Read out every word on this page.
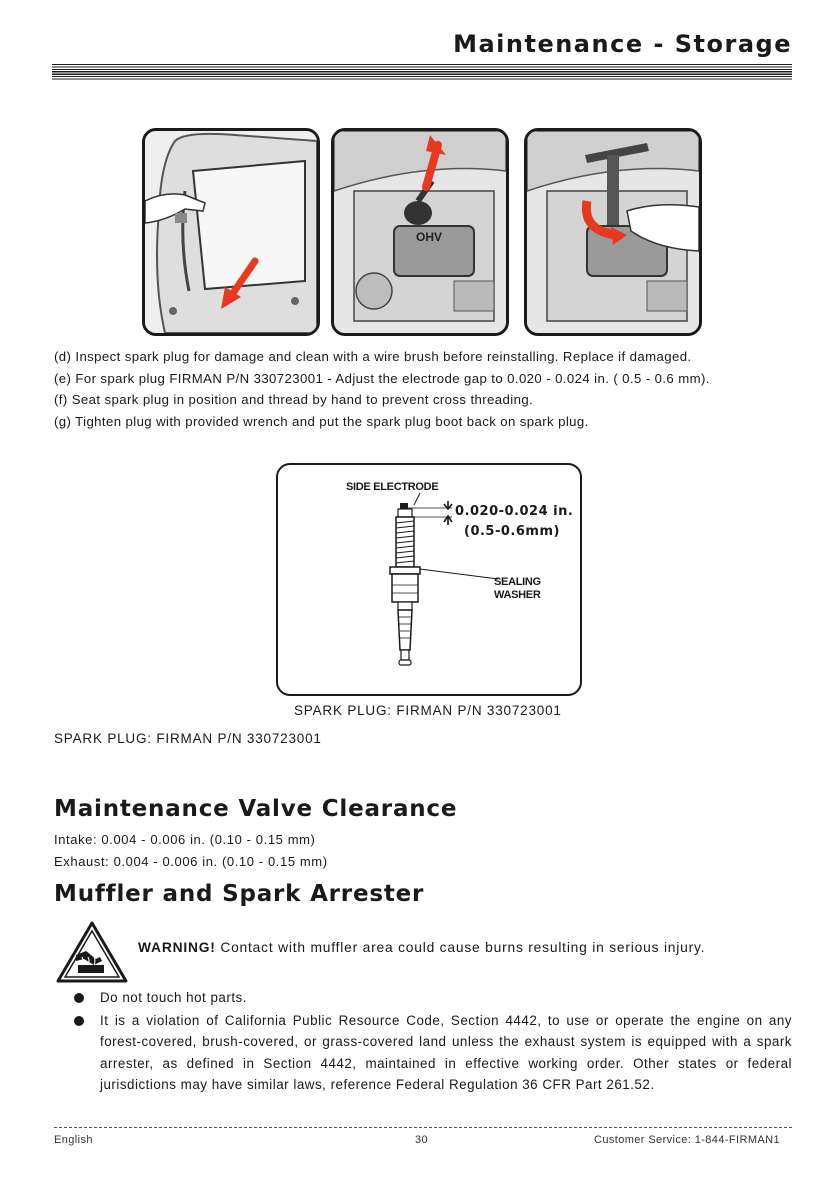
Maintenance - Storage
OHV

(d) Inspect spark plug for damage and clean with a wire brush before reinstalling. Replace if damaged.

(e) For spark plug FIRMAN P/N 330723001 - Adjust the electrode gap to 0.020 - 0.024 in. ( 0.5 - 0.6 mm).

(f) Seat spark plug in position and thread by hand to prevent cross threading.

(g) Tighten plug with provided wrench and put the spark plug boot back on spark plug.

SIDE ELECTRODE
0.020-0.024 in.
(0.5-0.6mm)
SEALING
WASHER
SPARK PLUG: FIRMAN P/N 330723001
SPARK PLUG: FIRMAN P/N 330723001
Maintenance Valve Clearance
Intake: 0.004 - 0.006 in. (0.10 - 0.15 mm)
Exhaust: 0.004 - 0.006 in. (0.10 - 0.15 mm)
Muffler and Spark Arrester
WARNING! Contact with muffler area could cause burns resulting in serious injury.
Do not touch hot parts.
It is a violation of California Public Resource Code, Section 4442, to use or operate the engine on any forest-covered, brush-covered, or grass-covered land unless the exhaust system is equipped with a spark arrester, as defined in Section 4442, maintained in effective working order. Other states or federal jurisdictions may have similar laws, reference Federal Regulation 36 CFR Part 261.52.
English	30	Customer Service: 1-844-FIRMAN1
